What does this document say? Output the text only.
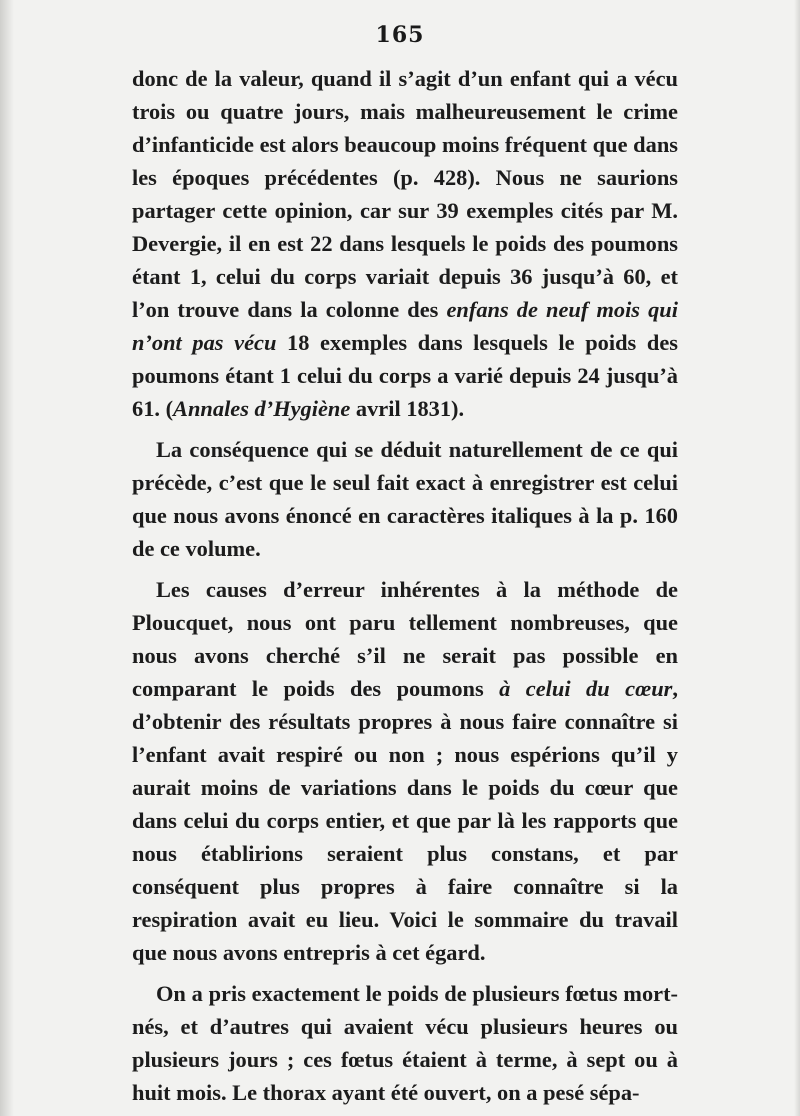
165

donc de la valeur, quand il s’agit d’un enfant qui a vécu trois ou quatre jours, mais malheureusement le crime d’infanticide est alors beaucoup moins fréquent que dans les époques précédentes (p. 428). Nous ne saurions partager cette opinion, car sur 39 exemples cités par M. Devergie, il en est 22 dans lesquels le poids des poumons étant 1, celui du corps variait depuis 36 jusqu’à 60, et l’on trouve dans la colonne des enfans de neuf mois qui n’ont pas vécu 18 exemples dans lesquels le poids des poumons étant 1 celui du corps a varié depuis 24 jusqu’à 61. (Annales d’Hygiène avril 1831).

La conséquence qui se déduit naturellement de ce qui précède, c’est que le seul fait exact à enregistrer est celui que nous avons énoncé en caractères italiques à la p. 160 de ce volume.

Les causes d’erreur inhérentes à la méthode de Ploucquet, nous ont paru tellement nombreuses, que nous avons cherché s’il ne serait pas possible en comparant le poids des poumons à celui du cœur, d’obtenir des résultats propres à nous faire connaître si l’enfant avait respiré ou non ; nous espérions qu’il y aurait moins de variations dans le poids du cœur que dans celui du corps entier, et que par là les rapports que nous établirions seraient plus constans, et par conséquent plus propres à faire connaître si la respiration avait eu lieu. Voici le sommaire du travail que nous avons entrepris à cet égard.

On a pris exactement le poids de plusieurs fœtus mort-nés, et d’autres qui avaient vécu plusieurs heures ou plusieurs jours ; ces fœtus étaient à terme, à sept ou à huit mois. Le thorax ayant été ouvert, on a pesé sépa-
